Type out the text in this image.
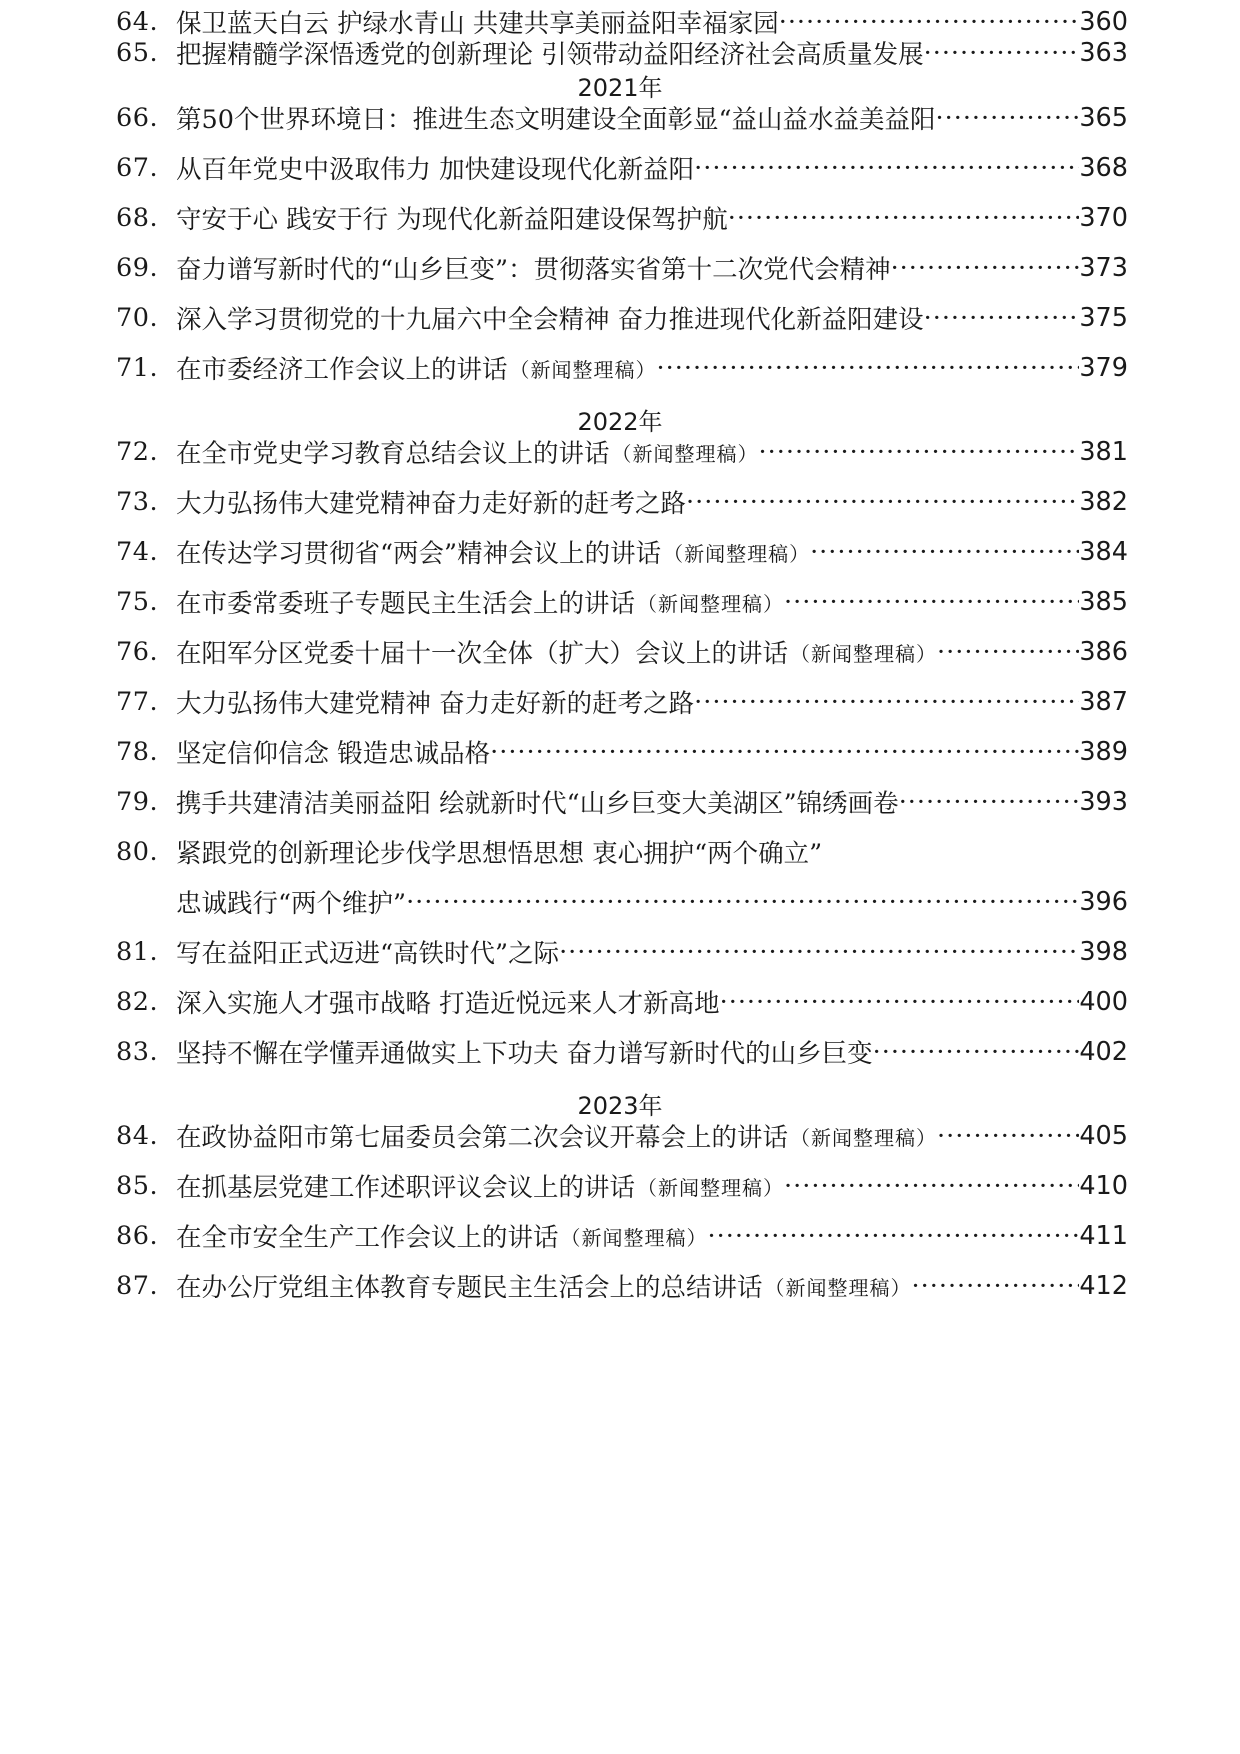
64. 保卫蓝天白云 护绿水青山 共建共享美丽益阳幸福家园 ·····	360
65. 把握精髓学深悟透党的创新理论 引领带动益阳经济社会高质量发展 ·····	363
2021年
66. 第50个世界环境日：推进生态文明建设全面彰显“益山益水益美益阳 ·····	365
67. 从百年党史中汲取伟力 加快建设现代化新益阳 ·····	368
68. 守安于心 践安于行 为现代化新益阳建设保驾护航 ·····	370
69. 奋力谱写新时代的“山乡巨变”：贯彻落实省第十二次党代会精神 ·····	373
70. 深入学习贯彻党的十九届六中全会精神 奋力推进现代化新益阳建设 ·····	375
71. 在市委经济工作会议上的讲话 （新闻整理稿） ·····	379
2022年
72. 在全市党史学习教育总结会议上的讲话 （新闻整理稿） ·····	381
73. 大力弘扬伟大建党精神奋力走好新的赶考之路 ·····	382
74. 在传达学习贯彻省“两会”精神会议上的讲话 （新闻整理稿） ·····	384
75. 在市委常委班子专题民主生活会上的讲话 （新闻整理稿） ·····	385
76. 在阳军分区党委十届十一次全体（扩大）会议上的讲话 （新闻整理稿） ·····	386
77. 大力弘扬伟大建党精神 奋力走好新的赶考之路 ·····	387
78. 坚定信仰信念 锻造忠诚品格 ·····	389
79. 携手共建清洁美丽益阳 绘就新时代“山乡巨变大美湖区”锦绣画卷 ·····	393
80. 紧跟党的创新理论步伐学思想悟思想 衷心拥护“两个确立”
忠诚践行“两个维护” ·····	396
81. 写在益阳正式迈进“高铁时代”之际 ·····	398
82. 深入实施人才强市战略 打造近悦远来人才新高地 ·····	400
83. 坚持不懈在学懂弄通做实上下功夫 奋力谱写新时代的山乡巨变 ·····	402
2023年
84. 在政协益阳市第七届委员会第二次会议开幕会上的讲话 （新闻整理稿） ·····	405
85. 在抓基层党建工作述职评议会议上的讲话 （新闻整理稿） ·····	410
86. 在全市安全生产工作会议上的讲话 （新闻整理稿） ·····	411
87. 在办公厅党组主体教育专题民主生活会上的总结讲话 （新闻整理稿） ·····	412
